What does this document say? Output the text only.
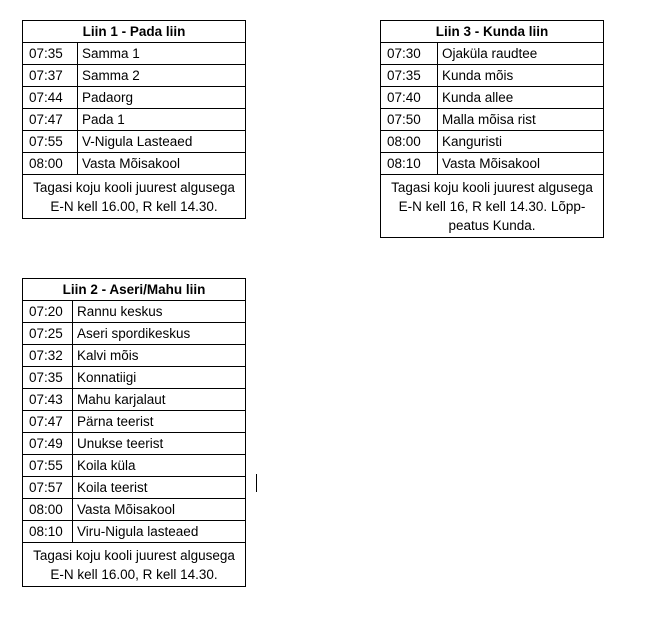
Liin 1 - Pada liin	
07:35	Samma 1
07:37	Samma 2
07:44	Padaorg
07:47	Pada 1
07:55	V-Nigula Lasteaed
08:00	Vasta Mõisakool
Tagasi koju kooli juurest algusega E-N kell 16.00, R kell 14.30.	
Liin 3 - Kunda liin	
07:30	Ojaküla raudtee
07:35	Kunda mõis
07:40	Kunda allee
07:50	Malla mõisa rist
08:00	Kanguristi
08:10	Vasta Mõisakool
Tagasi koju kooli juurest algusega E-N kell 16, R kell 14.30. Lõpp-peatus Kunda.	
Liin 2 - Aseri/Mahu liin	
07:20	Rannu keskus
07:25	Aseri spordikeskus
07:32	Kalvi mõis
07:35	Konnatiigi
07:43	Mahu karjalaut
07:47	Pärna teerist
07:49	Unukse teerist
07:55	Koila küla
07:57	Koila teerist
08:00	Vasta Mõisakool
08:10	Viru-Nigula lasteaed
Tagasi koju kooli juurest algusega E-N kell 16.00, R kell 14.30.	
